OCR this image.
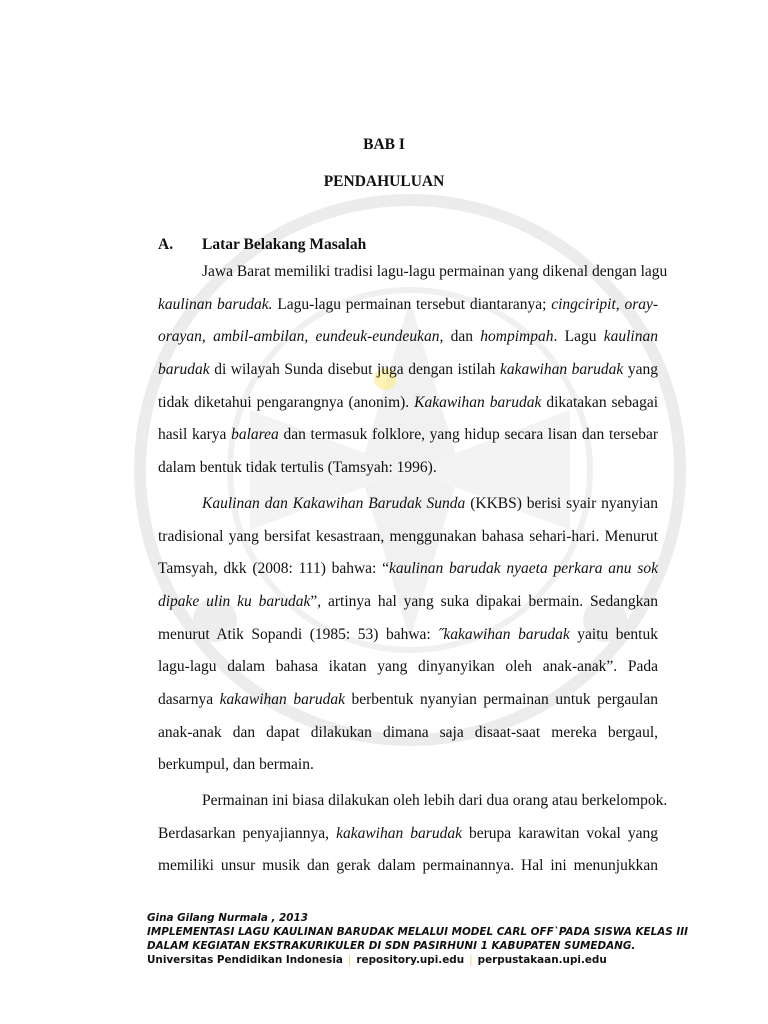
BAB I
PENDAHULUAN
A. Latar Belakang Masalah
Jawa Barat memiliki tradisi lagu-lagu permainan yang dikenal dengan lagu
kaulinan barudak. Lagu-lagu permainan tersebut diantaranya; cingciripit, oray-
orayan, ambil-ambilan, eundeuk-eundeukan, dan hompimpah. Lagu kaulinan
barudak di wilayah Sunda disebut juga dengan istilah kakawihan barudak yang
tidak diketahui pengarangnya (anonim). Kakawihan barudak dikatakan sebagai
hasil karya balarea dan termasuk folklore, yang hidup secara lisan dan tersebar
dalam bentuk tidak tertulis (Tamsyah: 1996).
Kaulinan dan Kakawihan Barudak Sunda (KKBS) berisi syair nyanyian
tradisional yang bersifat kesastraan, menggunakan bahasa sehari-hari. Menurut
Tamsyah, dkk (2008: 111) bahwa: “kaulinan barudak nyaeta perkara anu sok
dipake ulin ku barudak”, artinya hal yang suka dipakai bermain. Sedangkan
menurut Atik Sopandi (1985: 53) bahwa: ˝kakawihan barudak yaitu bentuk
lagu-lagu dalam bahasa ikatan yang dinyanyikan oleh anak-anak”. Pada
dasarnya kakawihan barudak berbentuk nyanyian permainan untuk pergaulan
anak-anak dan dapat dilakukan dimana saja disaat-saat mereka bergaul,
berkumpul, dan bermain.
Permainan ini biasa dilakukan oleh lebih dari dua orang atau berkelompok.
Berdasarkan penyajiannya, kakawihan barudak berupa karawitan vokal yang
memiliki unsur musik dan gerak dalam permainannya. Hal ini menunjukkan
Gina Gilang Nurmala , 2013
IMPLEMENTASI LAGU KAULINAN BARUDAK MELALUI MODEL CARL OFF`PADA SISWA KELAS III
DALAM KEGIATAN EKSTRAKURIKULER DI SDN PASIRHUNI 1 KABUPATEN SUMEDANG.
Universitas Pendidikan Indonesia | repository.upi.edu | perpustakaan.upi.edu
